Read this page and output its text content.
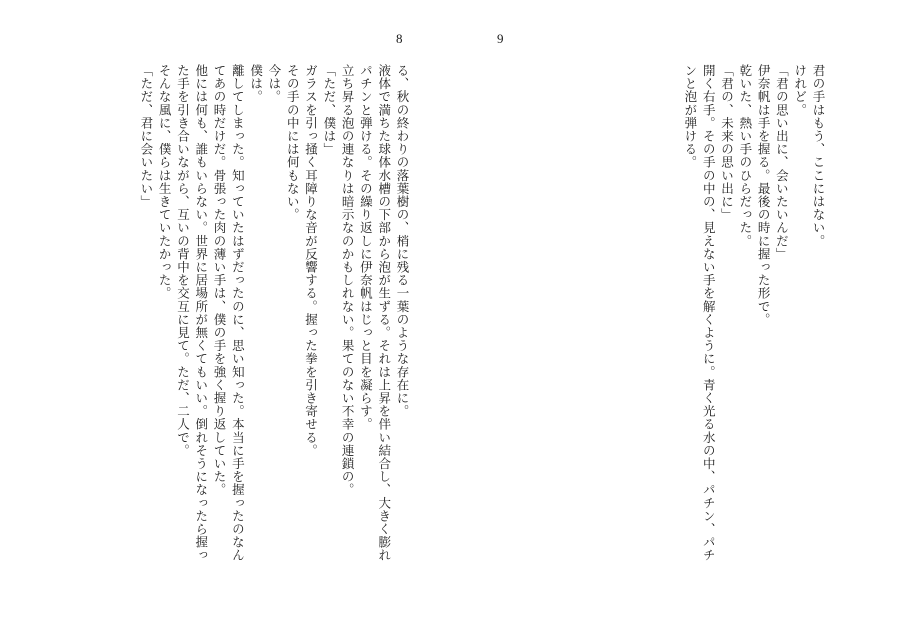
8	9
君の手はもう、ここにはない。
けれど。
「君の思い出に、会いたいんだ」
伊奈帆は手を握る。最後の時に握った形で。
乾いた、熱い手のひらだった。
「君の、未来の思い出に」
開く右手。その手の中の、見えない手を解くように。青く光る水の中、パチン、パチ
ンと泡が弾ける。
る、秋の終わりの落葉樹の、梢に残る一葉のような存在に。
液体で満ちた球体水槽の下部から泡が生ずる。それは上昇を伴い結合し、大きく膨れ
パチンと弾ける。その繰り返しに伊奈帆はじっと目を凝らす。
立ち昇る泡の連なりは暗示なのかもしれない。果てのない不幸の連鎖の。
「ただ、僕は」
ガラスを引っ掻く耳障りな音が反響する。握った拳を引き寄せる。
その手の中には何もない。
今は。
僕は。
離してしまった。知っていたはずだったのに、思い知った。本当に手を握ったのなん
てあの時だけだ。骨張った肉の薄い手は、僕の手を強く握り返していた。
他には何も、誰もいらない。世界に居場所が無くてもいい。倒れそうになったら握っ
た手を引き合いながら、互いの背中を交互に見て。ただ、二人で。
そんな風に、僕らは生きていたかった。
「ただ、君に会いたい」
